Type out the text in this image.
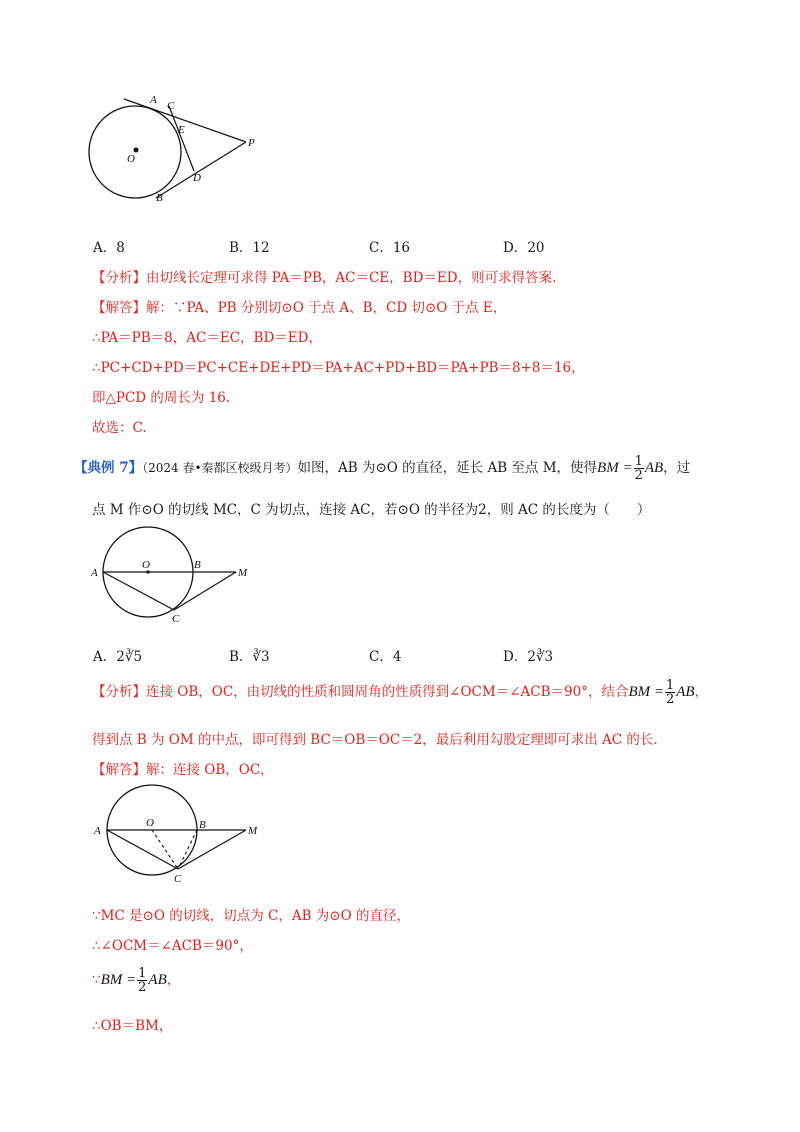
A C
E
P
O
D
B
A．8	B．12	C．16	D．20
【分析】由切线长定理可求得 PA＝PB，AC＝CE，BD＝ED，则可求得答案.
【解答】解：∵PA、PB 分别切⊙O 于点 A、B，CD 切⊙O 于点 E，
∴PA＝PB＝8，AC＝EC，BD＝ED，
∴PC+CD+PD＝PC+CE+DE+PD＝PA+AC+PD+BD＝PA+PB＝8+8＝16，
即△PCD 的周长为 16.
故选：C.
【典例 7】（2024 春•秦都区校级月考）如图，AB 为⊙O 的直径，延长 AB 至点 M，使得BM = $\frac{1}{2}$ AB，过
点 M 作⊙O 的切线 MC，C 为切点，连接 AC，若⊙O 的半径为2，则 AC 的长度为（　　）
A
O	B
M
C
A．2∛5	B．∛3	C．4	D．2∛3
【分析】连接 OB，OC，由切线的性质和圆周角的性质得到∠OCM＝∠ACB＝90°，结合BM = $\frac{1}{2}$ AB，
得到点 B 为 OM 的中点，即可得到 BC＝OB＝OC＝2，最后利用勾股定理即可求出 AC 的长.
【解答】解：连接 OB，OC，
A
O	B	M
C
∵MC 是⊙O 的切线，切点为 C，AB 为⊙O 的直径，
∴∠OCM＝∠ACB＝90°，
∵BM = $\frac{1}{2}$ AB，
∴OB＝BM，
